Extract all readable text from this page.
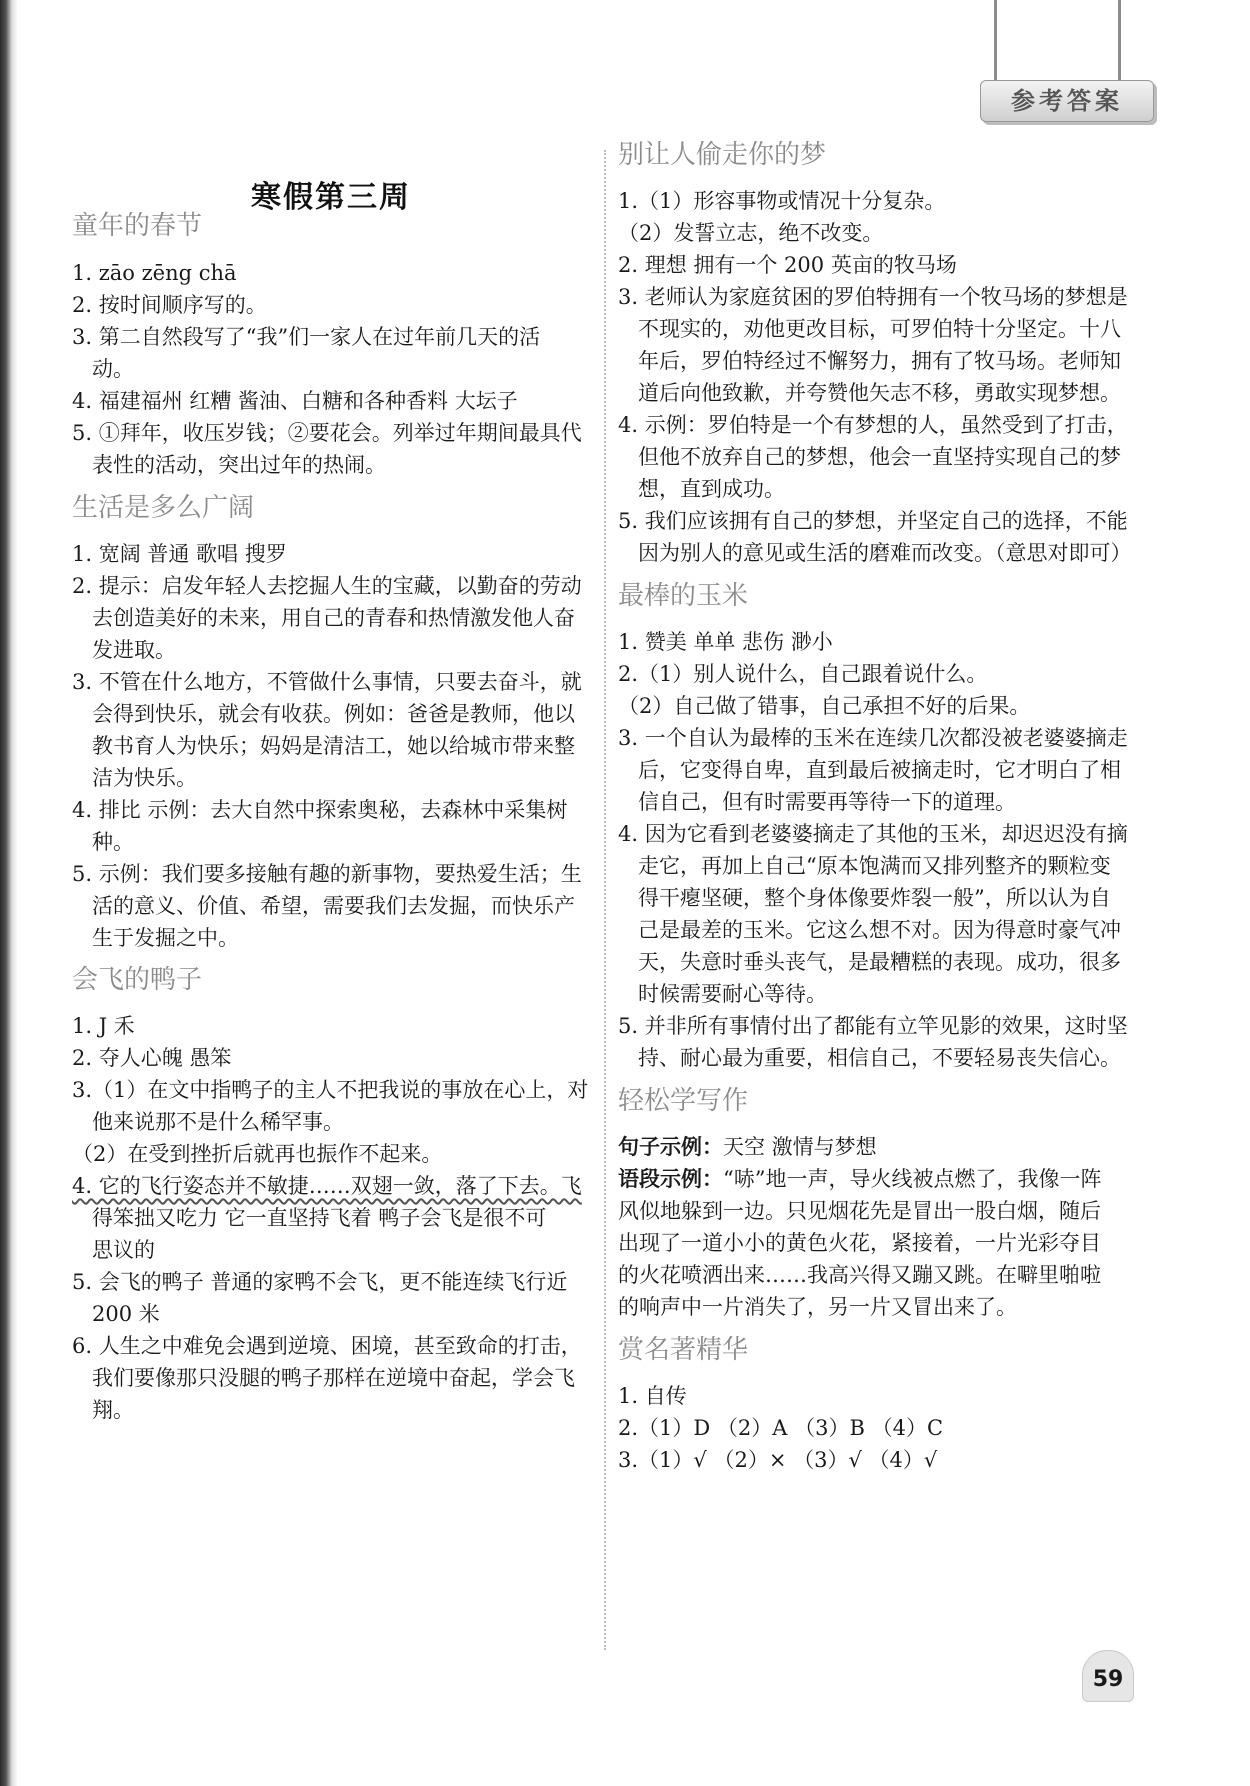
参考答案
寒假第三周
童年的春节
1. zāo zēng chā
2. 按时间顺序写的。
3. 第二自然段写了“我”们一家人在过年前几天的活
动。
4. 福建福州 红糟 酱油、白糖和各种香料 大坛子
5. ①拜年，收压岁钱；②要花会。列举过年期间最具代
表性的活动，突出过年的热闹。
生活是多么广阔
1. 宽阔 普通 歌唱 搜罗
2. 提示：启发年轻人去挖掘人生的宝藏，以勤奋的劳动
去创造美好的未来，用自己的青春和热情激发他人奋
发进取。
3. 不管在什么地方，不管做什么事情，只要去奋斗，就
会得到快乐，就会有收获。例如：爸爸是教师，他以
教书育人为快乐；妈妈是清洁工，她以给城市带来整
洁为快乐。
4. 排比 示例：去大自然中探索奥秘，去森林中采集树
种。
5. 示例：我们要多接触有趣的新事物，要热爱生活；生
活的意义、价值、希望，需要我们去发掘，而快乐产
生于发掘之中。
会飞的鸭子
1. J 禾
2. 夺人心魄 愚笨
3.（1）在文中指鸭子的主人不把我说的事放在心上，对
他来说那不是什么稀罕事。
（2）在受到挫折后就再也振作不起来。
4. 它的飞行姿态并不敏捷……双翅一敛，落了下去。飞
得笨拙又吃力 它一直坚持飞着 鸭子会飞是很不可
思议的
5. 会飞的鸭子 普通的家鸭不会飞，更不能连续飞行近
200 米
6. 人生之中难免会遇到逆境、困境，甚至致命的打击，
我们要像那只没腿的鸭子那样在逆境中奋起，学会飞
翔。
别让人偷走你的梦
1.（1）形容事物或情况十分复杂。
（2）发誓立志，绝不改变。
2. 理想 拥有一个 200 英亩的牧马场
3. 老师认为家庭贫困的罗伯特拥有一个牧马场的梦想是
不现实的，劝他更改目标，可罗伯特十分坚定。十八
年后，罗伯特经过不懈努力，拥有了牧马场。老师知
道后向他致歉，并夸赞他矢志不移，勇敢实现梦想。
4. 示例：罗伯特是一个有梦想的人，虽然受到了打击，
但他不放弃自己的梦想，他会一直坚持实现自己的梦
想，直到成功。
5. 我们应该拥有自己的梦想，并坚定自己的选择，不能
因为别人的意见或生活的磨难而改变。（意思对即可）
最棒的玉米
1. 赞美 单单 悲伤 渺小
2.（1）别人说什么，自己跟着说什么。
（2）自己做了错事，自己承担不好的后果。
3. 一个自认为最棒的玉米在连续几次都没被老婆婆摘走
后，它变得自卑，直到最后被摘走时，它才明白了相
信自己，但有时需要再等待一下的道理。
4. 因为它看到老婆婆摘走了其他的玉米，却迟迟没有摘
走它，再加上自己“原本饱满而又排列整齐的颗粒变
得干瘪坚硬，整个身体像要炸裂一般”，所以认为自
己是最差的玉米。它这么想不对。因为得意时豪气冲
天，失意时垂头丧气，是最糟糕的表现。成功，很多
时候需要耐心等待。
5. 并非所有事情付出了都能有立竿见影的效果，这时坚
持、耐心最为重要，相信自己，不要轻易丧失信心。
轻松学写作
句子示例：天空 激情与梦想
语段示例：“哧”地一声，导火线被点燃了，我像一阵
风似地躲到一边。只见烟花先是冒出一股白烟，随后
出现了一道小小的黄色火花，紧接着，一片光彩夺目
的火花喷洒出来……我高兴得又蹦又跳。在噼里啪啦
的响声中一片消失了，另一片又冒出来了。
赏名著精华
1. 自传
2.（1）D （2）A （3）B （4）C
3.（1）√ （2）× （3）√ （4）√
59
